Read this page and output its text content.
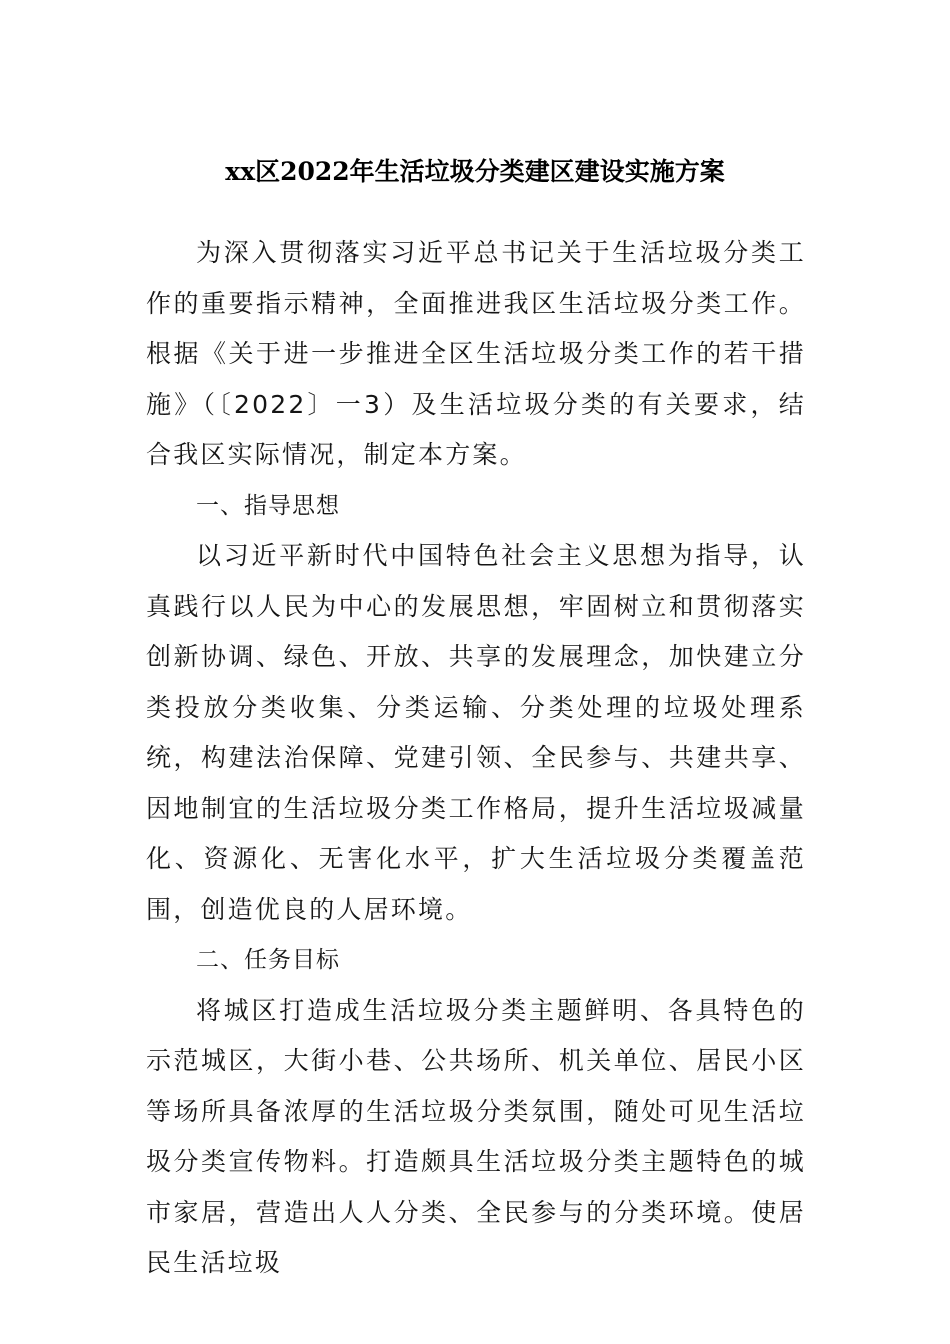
xx区2022年生活垃圾分类建区建设实施方案

为深入贯彻落实习近平总书记关于生活垃圾分类工作的重要指示精神，全面推进我区生活垃圾分类工作。根据《关于进一步推进全区生活垃圾分类工作的若干措施》（〔2022〕一3）及生活垃圾分类的有关要求，结合我区实际情况，制定本方案。

一、指导思想

以习近平新时代中国特色社会主义思想为指导，认真践行以人民为中心的发展思想，牢固树立和贯彻落实创新协调、绿色、开放、共享的发展理念，加快建立分类投放分类收集、分类运输、分类处理的垃圾处理系统，构建法治保障、党建引领、全民参与、共建共享、因地制宜的生活垃圾分类工作格局，提升生活垃圾减量化、资源化、无害化水平，扩大生活垃圾分类覆盖范围，创造优良的人居环境。

二、任务目标

将城区打造成生活垃圾分类主题鲜明、各具特色的示范城区，大街小巷、公共场所、机关单位、居民小区等场所具备浓厚的生活垃圾分类氛围，随处可见生活垃圾分类宣传物料。打造颇具生活垃圾分类主题特色的城市家居，营造出人人分类、全民参与的分类环境。使居民生活垃圾
